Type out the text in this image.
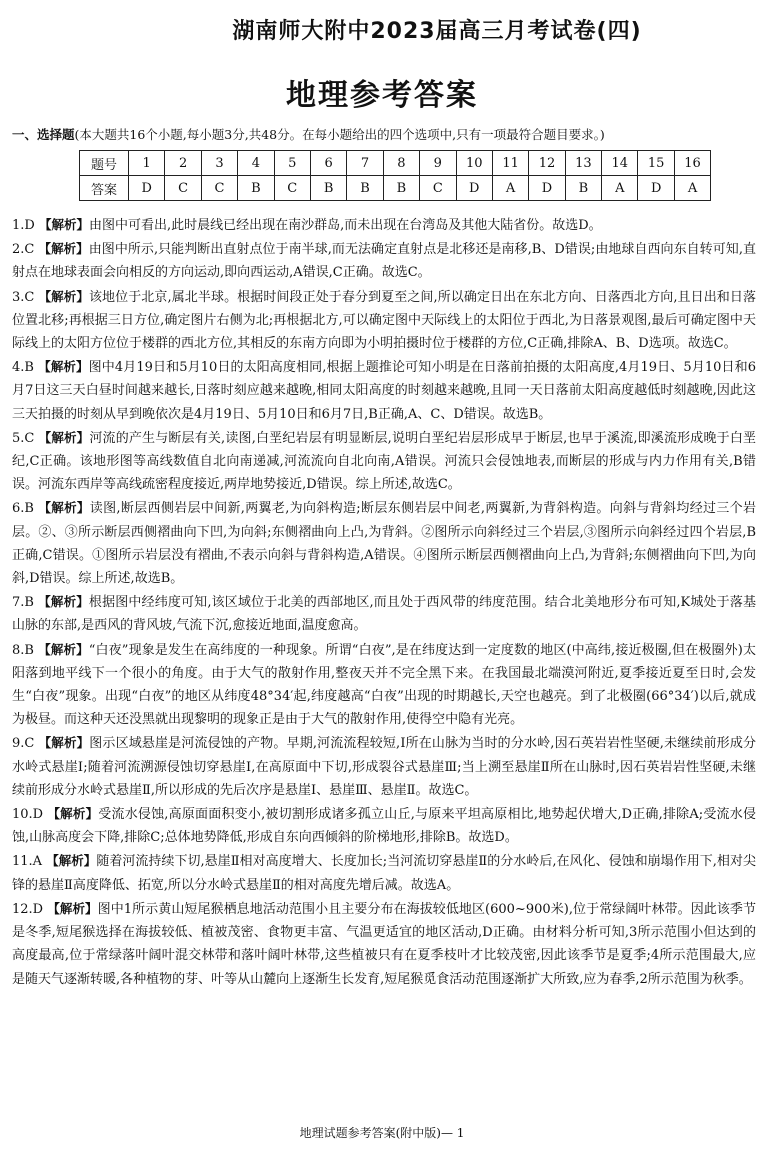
湖南师大附中2023届高三月考试卷(四)
地理参考答案
一、选择题(本大题共16个小题,每小题3分,共48分。在每小题给出的四个选项中,只有一项最符合题目要求。)
题号	1	2	3	4	5	6	7	8	9	10	11	12	13	14	15	16
答案	D	C	C	B	C	B	B	B	C	D	A	D	B	A	D	A

1.D 【解析】由图中可看出,此时晨线已经出现在南沙群岛,而未出现在台湾岛及其他大陆省份。故选D。

2.C 【解析】由图中所示,只能判断出直射点位于南半球,而无法确定直射点是北移还是南移,B、D错误;由地球自西向东自转可知,直射点在地球表面会向相反的方向运动,即向西运动,A错误,C正确。故选C。

3.C 【解析】该地位于北京,属北半球。根据时间段正处于春分到夏至之间,所以确定日出在东北方向、日落西北方向,且日出和日落位置北移;再根据三日方位,确定图片右侧为北;再根据北方,可以确定图中天际线上的太阳位于西北,为日落景观图,最后可确定图中天际线上的太阳方位位于楼群的西北方位,其相反的东南方向即为小明拍摄时位于楼群的方位,C正确,排除A、B、D选项。故选C。

4.B 【解析】图中4月19日和5月10日的太阳高度相同,根据上题推论可知小明是在日落前拍摄的太阳高度,4月19日、5月10日和6月7日这三天白昼时间越来越长,日落时刻应越来越晚,相同太阳高度的时刻越来越晚,且同一天日落前太阳高度越低时刻越晚,因此这三天拍摄的时刻从早到晚依次是4月19日、5月10日和6月7日,B正确,A、C、D错误。故选B。

5.C 【解析】河流的产生与断层有关,读图,白垩纪岩层有明显断层,说明白垩纪岩层形成早于断层,也早于溪流,即溪流形成晚于白垩纪,C正确。该地形图等高线数值自北向南递减,河流流向自北向南,A错误。河流只会侵蚀地表,而断层的形成与内力作用有关,B错误。河流东西岸等高线疏密程度接近,两岸地势接近,D错误。综上所述,故选C。

6.B 【解析】读图,断层西侧岩层中间新,两翼老,为向斜构造;断层东侧岩层中间老,两翼新,为背斜构造。向斜与背斜均经过三个岩层。②、③所示断层西侧褶曲向下凹,为向斜;东侧褶曲向上凸,为背斜。②图所示向斜经过三个岩层,③图所示向斜经过四个岩层,B正确,C错误。①图所示岩层没有褶曲,不表示向斜与背斜构造,A错误。④图所示断层西侧褶曲向上凸,为背斜;东侧褶曲向下凹,为向斜,D错误。综上所述,故选B。

7.B 【解析】根据图中经纬度可知,该区域位于北美的西部地区,而且处于西风带的纬度范围。结合北美地形分布可知,K城处于落基山脉的东部,是西风的背风坡,气流下沉,愈接近地面,温度愈高。

8.B 【解析】“白夜”现象是发生在高纬度的一种现象。所谓“白夜”,是在纬度达到一定度数的地区(中高纬,接近极圈,但在极圈外)太阳落到地平线下一个很小的角度。由于大气的散射作用,整夜天并不完全黑下来。在我国最北端漠河附近,夏季接近夏至日时,会发生“白夜”现象。出现“白夜”的地区从纬度48°34′起,纬度越高“白夜”出现的时期越长,天空也越亮。到了北极圈(66°34′)以后,就成为极昼。而这种天还没黑就出现黎明的现象正是由于大气的散射作用,使得空中隐有光亮。

9.C 【解析】图示区域悬崖是河流侵蚀的产物。早期,河流流程较短,Ⅰ所在山脉为当时的分水岭,因石英岩岩性坚硬,未继续前形成分水岭式悬崖Ⅰ;随着河流溯源侵蚀切穿悬崖Ⅰ,在高原面中下切,形成裂谷式悬崖Ⅲ;当上溯至悬崖Ⅱ所在山脉时,因石英岩岩性坚硬,未继续前形成分水岭式悬崖Ⅱ,所以形成的先后次序是悬崖Ⅰ、悬崖Ⅲ、悬崖Ⅱ。故选C。

10.D 【解析】受流水侵蚀,高原面面积变小,被切割形成诸多孤立山丘,与原来平坦高原相比,地势起伏增大,D正确,排除A;受流水侵蚀,山脉高度会下降,排除C;总体地势降低,形成自东向西倾斜的阶梯地形,排除B。故选D。

11.A 【解析】随着河流持续下切,悬崖Ⅱ相对高度增大、长度加长;当河流切穿悬崖Ⅱ的分水岭后,在风化、侵蚀和崩塌作用下,相对尖锋的悬崖Ⅱ高度降低、拓宽,所以分水岭式悬崖Ⅱ的相对高度先增后减。故选A。

12.D 【解析】图中1所示黄山短尾猴栖息地活动范围小且主要分布在海拔较低地区(600~900米),位于常绿阔叶林带。因此该季节是冬季,短尾猴选择在海拔较低、植被茂密、食物更丰富、气温更适宜的地区活动,D正确。由材料分析可知,3所示范围小但达到的高度最高,位于常绿落叶阔叶混交林带和落叶阔叶林带,这些植被只有在夏季枝叶才比较茂密,因此该季节是夏季;4所示范围最大,应是随天气逐渐转暖,各种植物的芽、叶等从山麓向上逐渐生长发育,短尾猴觅食活动范围逐渐扩大所致,应为春季,2所示范围为秋季。

地理试题参考答案(附中版)— 1
